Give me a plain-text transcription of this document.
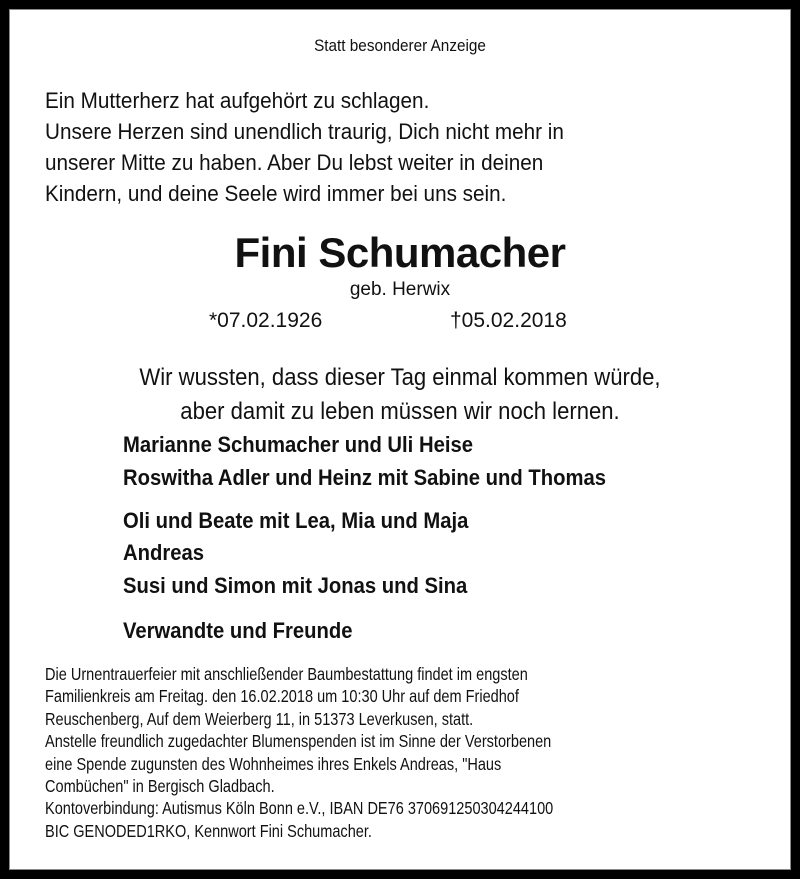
Statt besonderer Anzeige
Ein Mutterherz hat aufgehört zu schlagen.
Unsere Herzen sind unendlich traurig, Dich nicht mehr in
unserer Mitte zu haben. Aber Du lebst weiter in deinen
Kindern, und deine Seele wird immer bei uns sein.
Fini Schumacher
geb. Herwix
*07.02.1926	†05.02.2018
Wir wussten, dass dieser Tag einmal kommen würde,
aber damit zu leben müssen wir noch lernen.
Marianne Schumacher und Uli Heise
Roswitha Adler und Heinz mit Sabine und Thomas
Oli und Beate mit Lea, Mia und Maja
Andreas
Susi und Simon mit Jonas und Sina
Verwandte und Freunde
Die Urnentrauerfeier mit anschließender Baumbestattung findet im engsten
Familienkreis am Freitag. den 16.02.2018 um 10:30 Uhr auf dem Friedhof
Reuschenberg, Auf dem Weierberg 11, in 51373 Leverkusen, statt.
Anstelle freundlich zugedachter Blumenspenden ist im Sinne der Verstorbenen
eine Spende zugunsten des Wohnheimes ihres Enkels Andreas, "Haus
Combüchen" in Bergisch Gladbach.
Kontoverbindung: Autismus Köln Bonn e.V., IBAN DE76 370691250304244100
BIC GENODED1RKO, Kennwort Fini Schumacher.
